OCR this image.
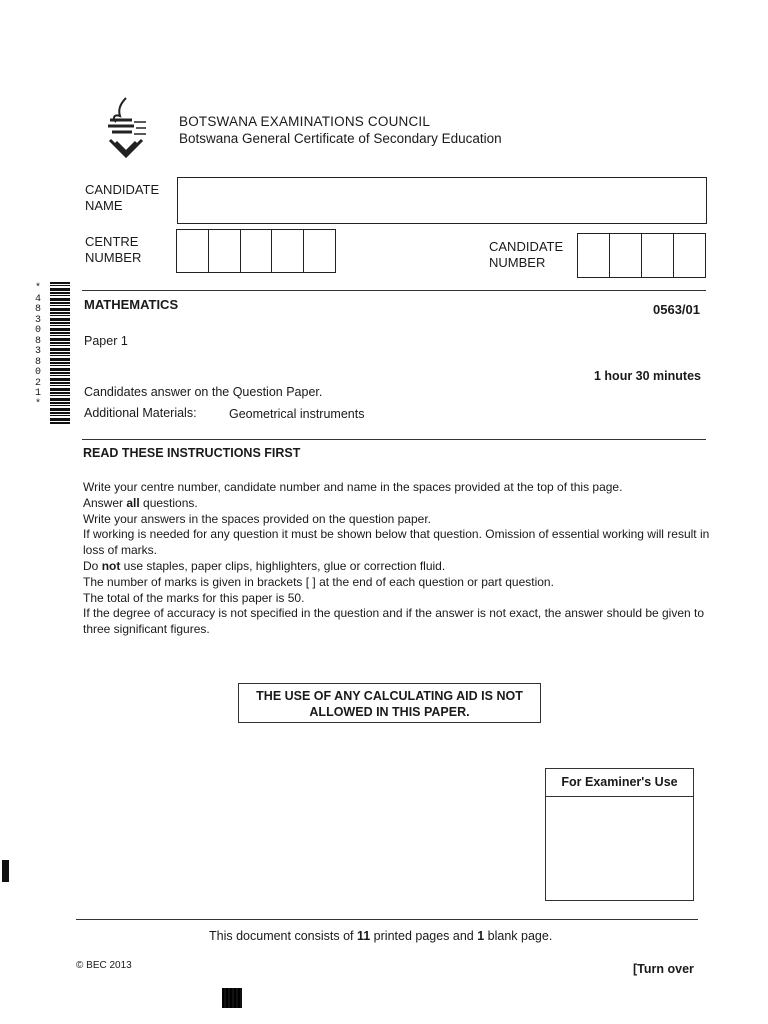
BOTSWANA EXAMINATIONS COUNCIL
Botswana General Certificate of Secondary Education
CANDIDATE
NAME
CENTRE
NUMBER
CANDIDATE
NUMBER
*
4
8
3
0
8
3
8
0
2
1
*
MATHEMATICS	0563/01
Paper 1
1 hour 30 minutes
Candidates answer on the Question Paper.
Additional Materials:	Geometrical instruments
READ THESE INSTRUCTIONS FIRST
Write your centre number, candidate number and name in the spaces provided at the top of this page.
Answer all questions.
Write your answers in the spaces provided on the question paper.
If working is needed for any question it must be shown below that question. Omission of essential working will result in loss of marks.
Do not use staples, paper clips, highlighters, glue or correction fluid.
The number of marks is given in brackets [ ] at the end of each question or part question.
The total of the marks for this paper is 50.
If the degree of accuracy is not specified in the question and if the answer is not exact, the answer should be given to three significant figures.
THE USE OF ANY CALCULATING AID IS NOT
ALLOWED IN THIS PAPER.
For Examiner's Use
This document consists of 11 printed pages and 1 blank page.
© BEC 2013	[Turn over
